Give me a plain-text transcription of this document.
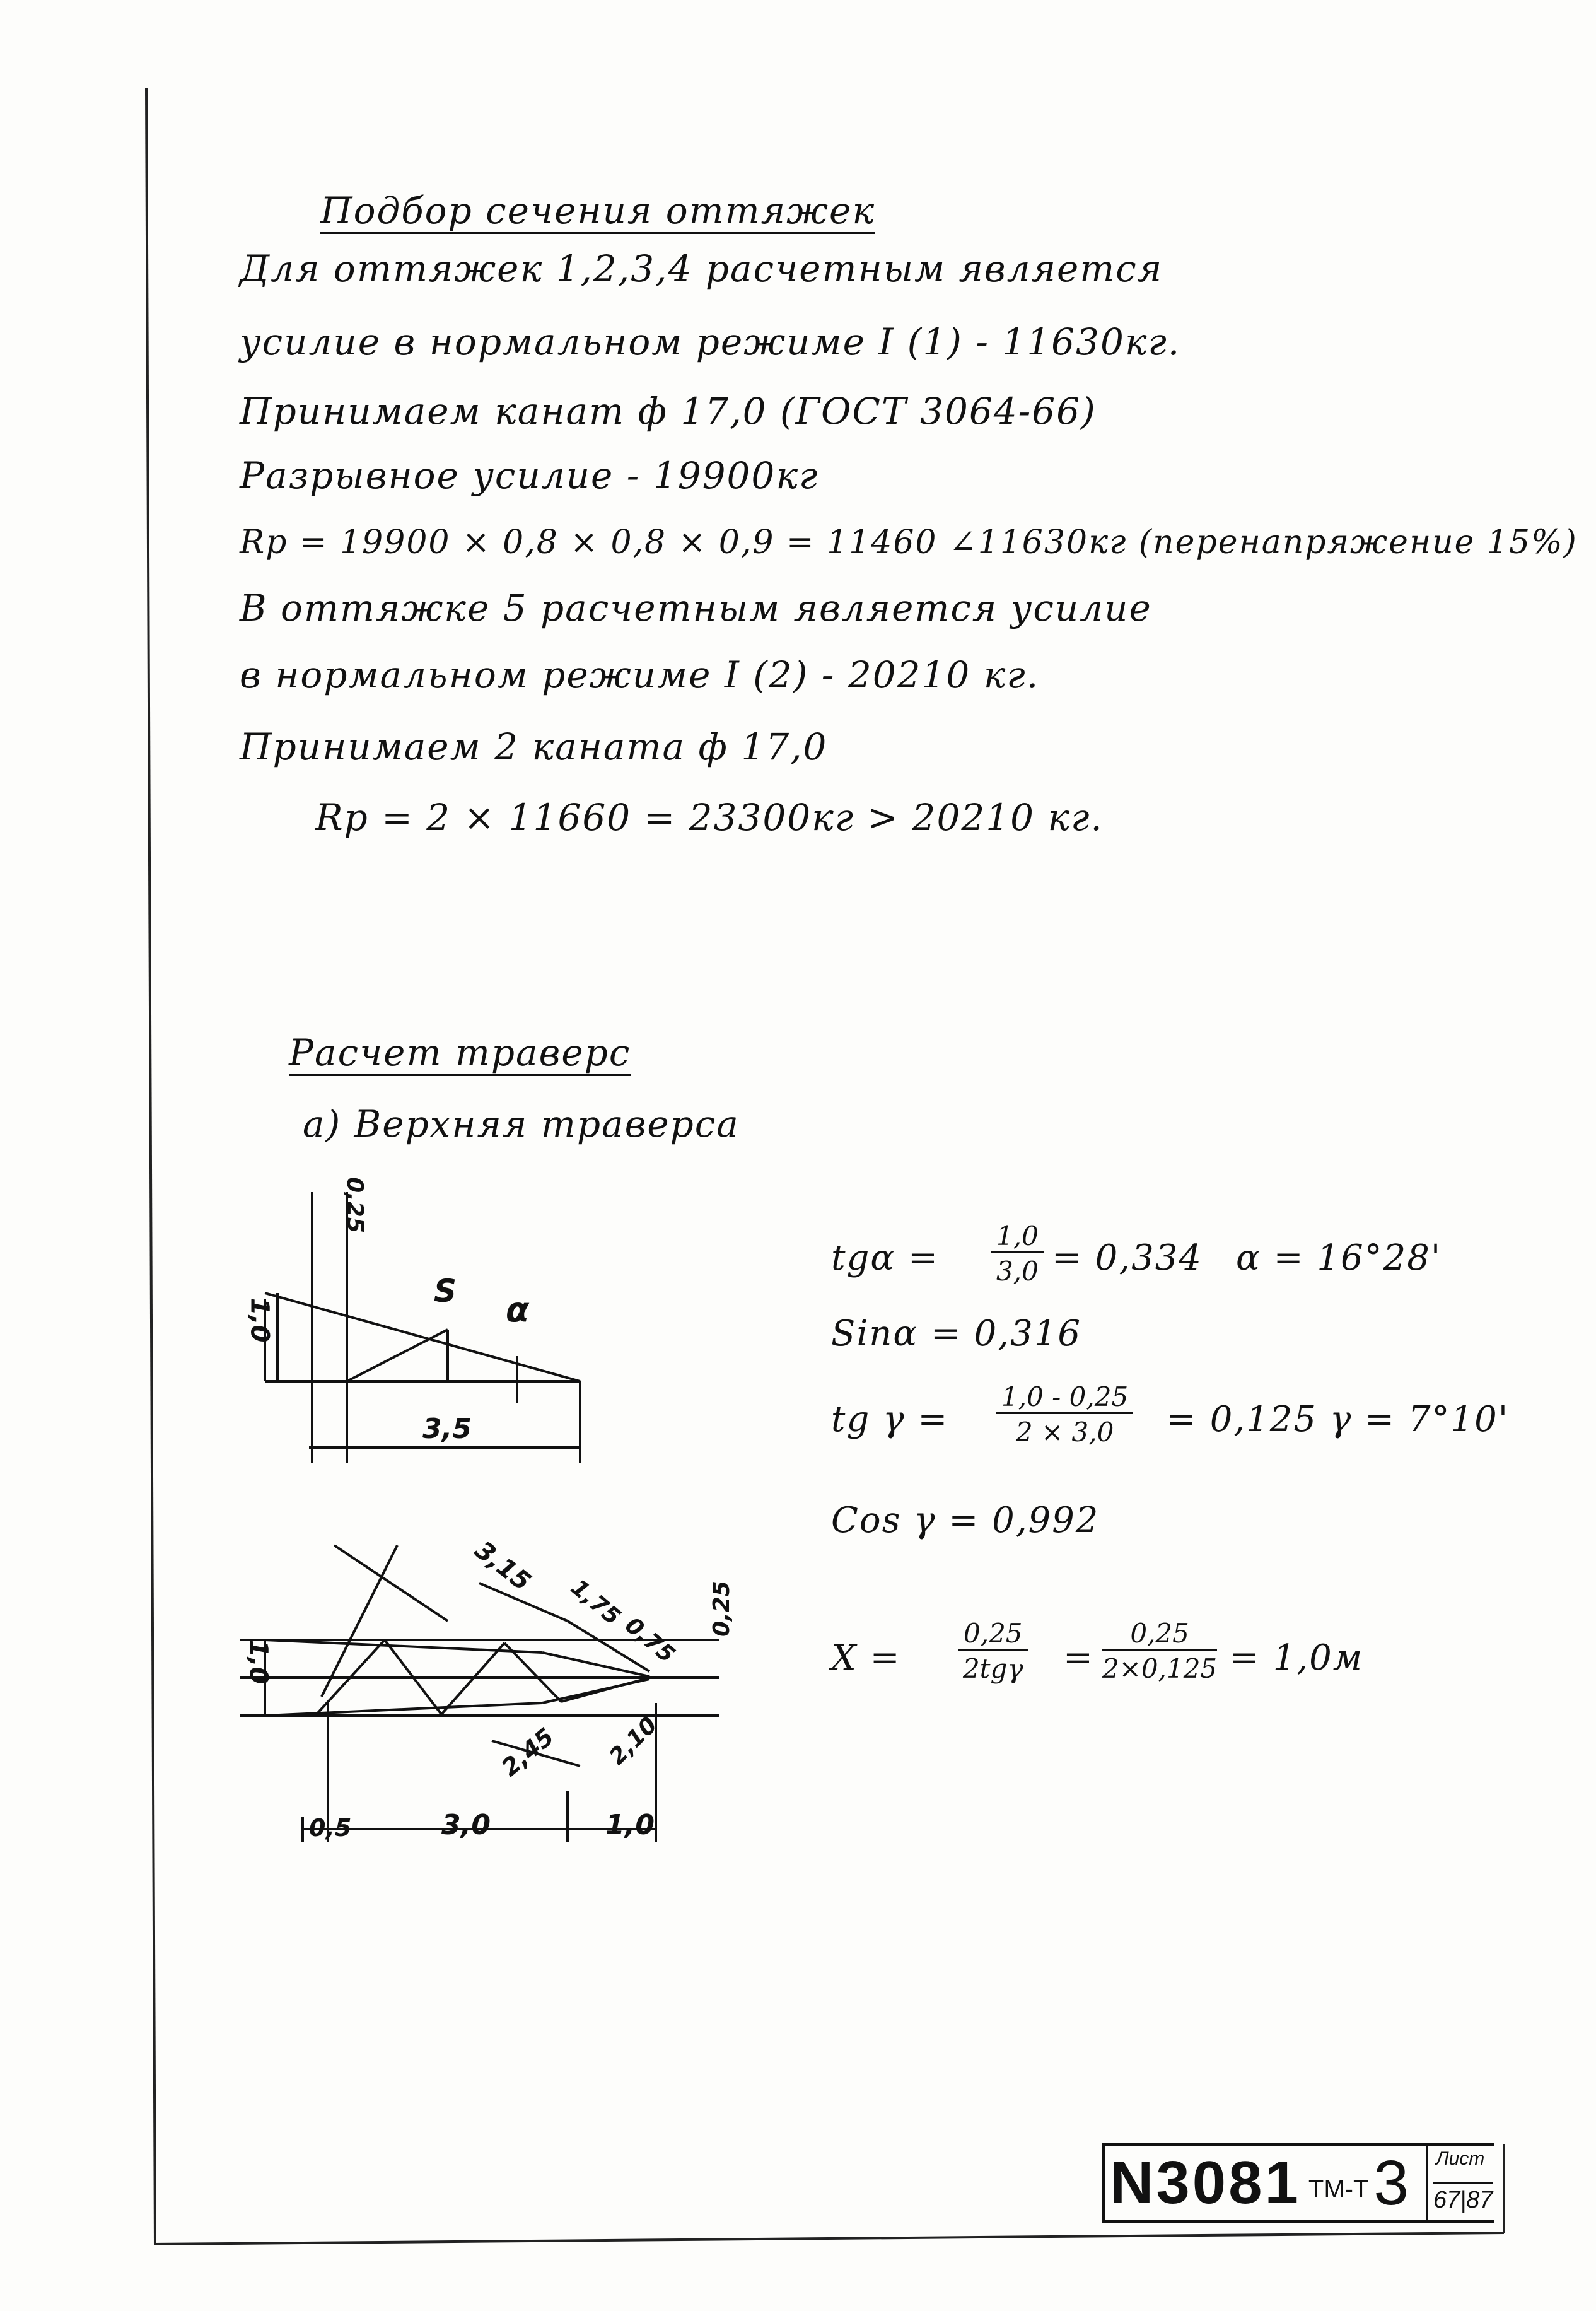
Подбор сечения оттяжек
Для оттяжек 1,2,3,4 расчетным является
усилие в нормальном режиме I (1) - 11630кг.
Принимаем канат ф 17,0 (ГОСТ 3064-66)
Разрывное усилие - 19900кг
Rp = 19900 × 0,8 × 0,8 × 0,9 = 11460 ∠11630кг (перенапряжение 15%)
В оттяжке 5 расчетным является усилие
в нормальном режиме I (2) - 20210 кг.
Принимаем 2 каната ф 17,0
Rp = 2 × 11660 = 23300кг > 20210 кг.
Расчет траверс
а) Верхняя траверса
$tg\alpha = \frac{1,0}{3,0} = 0,334$ α = 16°28'
Sinα = 0,316
tg $\gamma = \frac{1,0 - 0,25}{2 \times 3,0} = 0,125$ γ = 7°10'
Cos γ = 0,992
X =
0,25
$2tg\gamma = \frac{0,25}{2\times 0,125} = 1,0м$
0,25
1,0
S α
3,5
1,0
3,15
1,75
0,75
0,25
2,45 2,10
0,5	3,0	1,0
N3081 ТМ-Т 3 Лист
67|87
